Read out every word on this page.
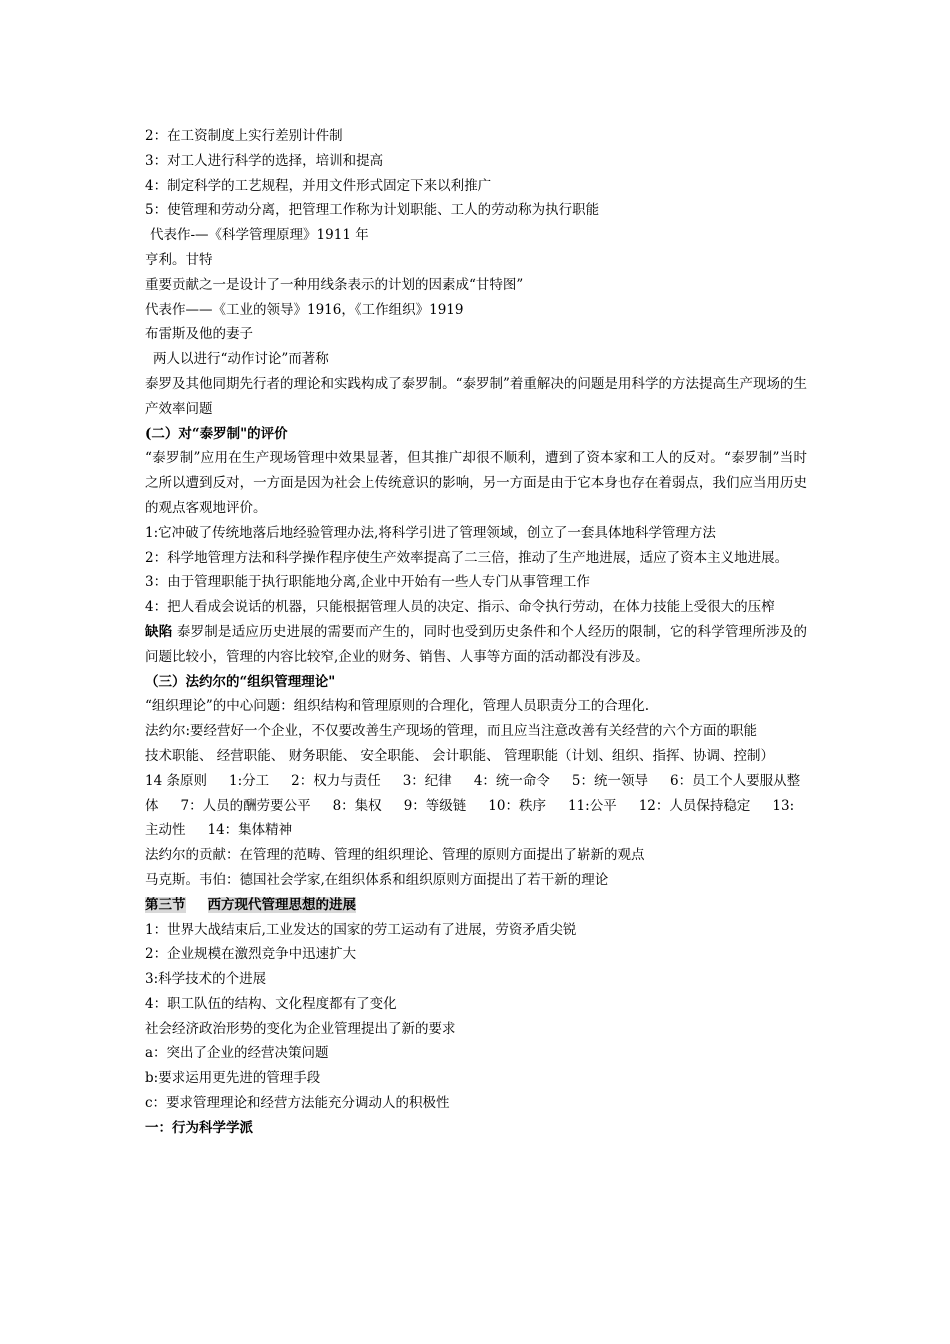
2：在工资制度上实行差别计件制
3：对工人进行科学的选择，培训和提高
4：制定科学的工艺规程，并用文件形式固定下来以利推广
5：使管理和劳动分离，把管理工作称为计划职能、工人的劳动称为执行职能
代表作-—《科学管理原理》1911 年
亨利。甘特
重要贡献之一是设计了一种用线条表示的计划的因素成“甘特图”
代表作——《工业的领导》1916，《工作组织》1919
布雷斯及他的妻子
两人以进行“动作讨论”而著称
泰罗及其他同期先行者的理论和实践构成了泰罗制。“泰罗制”着重解决的问题是用科学的方法提高生产现场的生产效率问题
(二）对“泰罗制"的评价
“泰罗制”应用在生产现场管理中效果显著，但其推广却很不顺利，遭到了资本家和工人的反对。“泰罗制”当时之所以遭到反对，一方面是因为社会上传统意识的影响，另一方面是由于它本身也存在着弱点，我们应当用历史的观点客观地评价。
1:它冲破了传统地落后地经验管理办法,将科学引进了管理领域，创立了一套具体地科学管理方法
2：科学地管理方法和科学操作程序使生产效率提高了二三倍，推动了生产地进展，适应了资本主义地进展。
3：由于管理职能于执行职能地分离,企业中开始有一些人专门从事管理工作
4：把人看成会说话的机器，只能根据管理人员的决定、指示、命令执行劳动，在体力技能上受很大的压榨
缺陷 泰罗制是适应历史进展的需要而产生的，同时也受到历史条件和个人经历的限制，它的科学管理所涉及的问题比较小，管理的内容比较窄,企业的财务、销售、人事等方面的活动都没有涉及。
（三）法约尔的“组织管理理论"
“组织理论”的中心问题：组织结构和管理原则的合理化，管理人员职责分工的合理化.
法约尔:要经营好一个企业，不仅要改善生产现场的管理，而且应当注意改善有关经营的六个方面的职能
技术职能、 经营职能、 财务职能、 安全职能、 会计职能、 管理职能（计划、组织、指挥、协调、控制）
14 条原则 1:分工 2：权力与责任 3：纪律 4：统一命令 5：统一领导 6：员工个人要服从整体 7：人员的酬劳要公平 8：集权 9：等级链 10：秩序 11:公平 12：人员保持稳定 13:主动性 14：集体精神
法约尔的贡献：在管理的范畴、管理的组织理论、管理的原则方面提出了崭新的观点
马克斯。韦伯：德国社会学家,在组织体系和组织原则方面提出了若干新的理论
第三节 西方现代管理思想的进展
1：世界大战结束后,工业发达的国家的劳工运动有了进展，劳资矛盾尖锐
2：企业规模在激烈竞争中迅速扩大
3:科学技术的个进展
4：职工队伍的结构、文化程度都有了变化
社会经济政治形势的变化为企业管理提出了新的要求
a：突出了企业的经营决策问题
b:要求运用更先进的管理手段
c：要求管理理论和经营方法能充分调动人的积极性
一：行为科学学派
